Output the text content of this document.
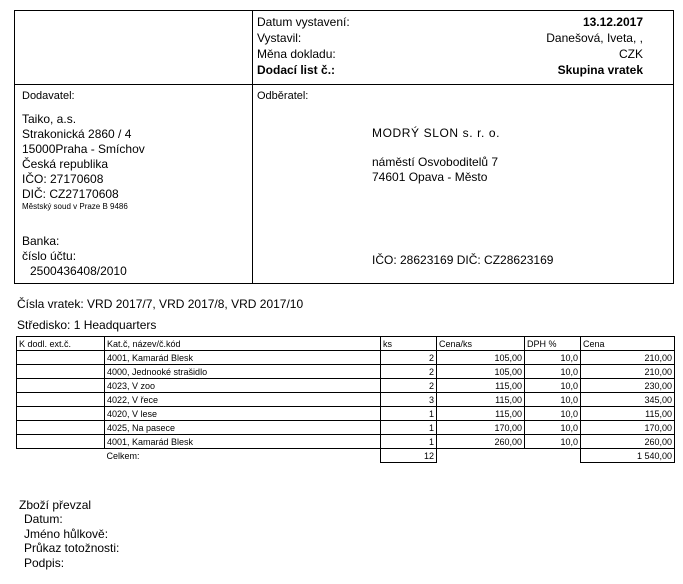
Datum vystavení:	13.12.2017
Vystavil:	Danešová, Iveta, ,
Měna dokladu:	CZK
Dodací list č.:	Skupina vratek
Dodavatel:
Taiko, a.s.
Strakonická 2860 / 4
15000Praha - Smíchov
Česká republika
IČO: 27170608
DIČ: CZ27170608
Městský soud v Praze B 9486
Banka:
číslo účtu:
2500436408/2010
Odběratel:
MODRÝ SLON s. r. o.
náměstí Osvoboditelů 7
74601 Opava - Město
IČO: 28623169 DIČ: CZ28623169
Čísla vratek: VRD 2017/7, VRD 2017/8, VRD 2017/10
Středisko: 1 Headquarters
K dodl. ext.č.	Kat.č, název/č.kód	ks	Cena/ks	DPH %	Cena
	4001, Kamarád Blesk	2	105,00	10,0	210,00
	4000, Jednooké strašidlo	2	105,00	10,0	210,00
	4023, V zoo	2	115,00	10,0	230,00
	4022, V řece	3	115,00	10,0	345,00
	4020, V lese	1	115,00	10,0	115,00
	4025, Na pasece	1	170,00	10,0	170,00
	4001, Kamarád Blesk	1	260,00	10,0	260,00
	Celkem:	12			1 540,00
Zboží převzal
Datum:
Jméno hůlkově:
Průkaz totožnosti:
Podpis:
